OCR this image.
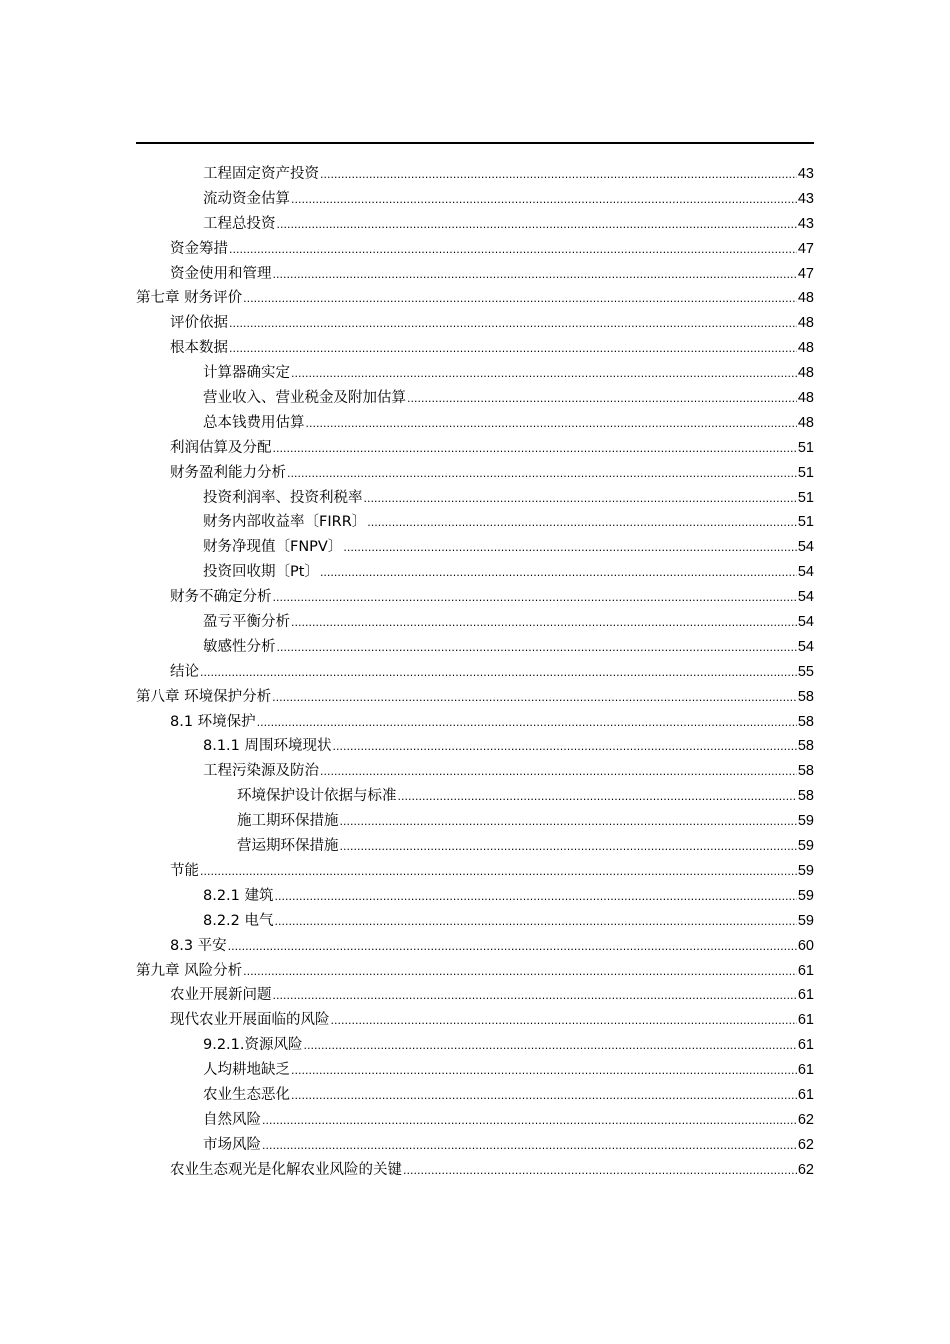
工程固定资产投资 .....	43
流动资金估算 .....	43
工程总投资 .....	43
资金筹措 .....	47
资金使用和管理 .....	47
第七章 财务评价 .....	48
评价依据 .....	48
根本数据 .....	48
计算器确实定 .....	48
营业收入、营业税金及附加估算 .....	48
总本钱费用估算 .....	48
利润估算及分配 .....	51
财务盈利能力分析 .....	51
投资利润率、投资利税率 .....	51
财务内部收益率〔FIRR〕 .....	51
财务净现值〔FNPV〕 .....	54
投资回收期〔Pt〕 .....	54
财务不确定分析 .....	54
盈亏平衡分析 .....	54
敏感性分析 .....	54
结论 .....	55
第八章 环境保护分析 .....	58
8.1 环境保护 .....	58
8.1.1 周围环境现状 .....	58
工程污染源及防治 .....	58
环境保护设计依据与标准 .....	58
施工期环保措施 .....	59
营运期环保措施 .....	59
节能 .....	59
8.2.1 建筑 .....	59
8.2.2 电气 .....	59
8.3 平安 .....	60
第九章 风险分析 .....	61
农业开展新问题 .....	61
现代农业开展面临的风险 .....	61
9.2.1.资源风险 .....	61
人均耕地缺乏 .....	61
农业生态恶化 .....	61
自然风险 .....	62
市场风险 .....	62
农业生态观光是化解农业风险的关键 .....	62
